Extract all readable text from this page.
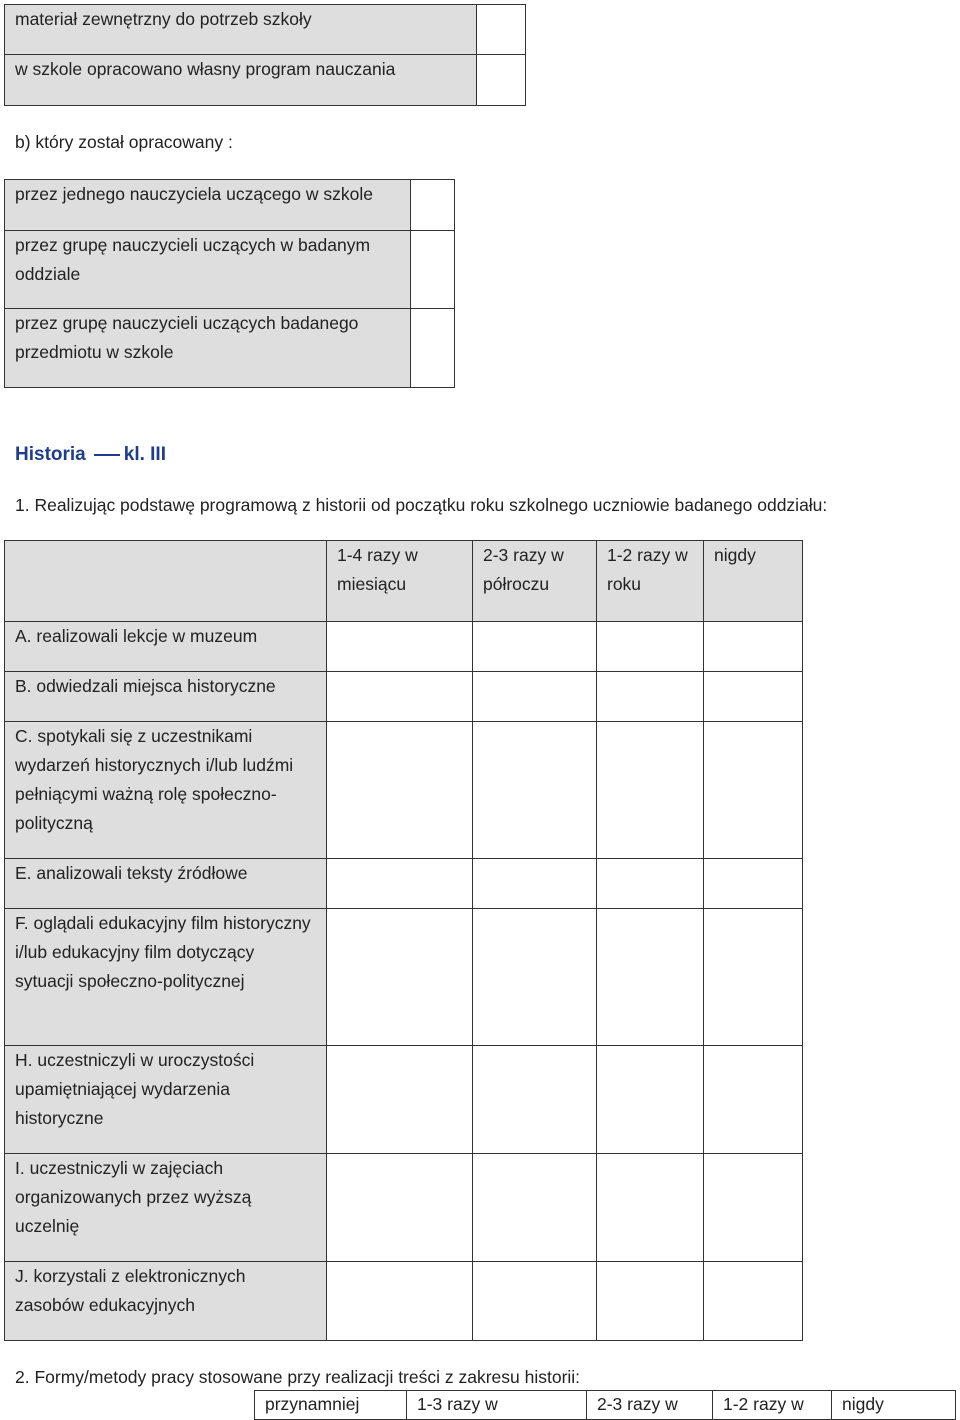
materiał zewnętrzny do potrzeb szkoły	
w szkole opracowano własny program nauczania	
b) który został opracowany :
przez jednego nauczyciela uczącego w szkole	
przez grupę nauczycieli uczących w badanym oddziale	
przez grupę nauczycieli uczących badanego przedmiotu w szkole	
Historia kl. III
1. Realizując podstawę programową z historii od początku roku szkolnego uczniowie badanego oddziału:
	1-4 razy w miesiącu	2-3 razy w półroczu	1-2 razy w roku	nigdy
A. realizowali lekcje w muzeum				
B. odwiedzali miejsca historyczne				
C. spotykali się z uczestnikami wydarzeń historycznych i/lub ludźmi pełniącymi ważną rolę społeczno-polityczną				
E. analizowali teksty źródłowe				
F. oglądali edukacyjny film historyczny i/lub edukacyjny film dotyczący sytuacji społeczno-politycznej				
H. uczestniczyli w uroczystości upamiętniającej wydarzenia historyczne				
I. uczestniczyli w zajęciach organizowanych przez wyższą uczelnię				
J. korzystali z elektronicznych zasobów edukacyjnych				
2. Formy/metody pracy stosowane przy realizacji treści z zakresu historii:
przynamniej	1-3 razy w	2-3 razy w	1-2 razy w	nigdy
